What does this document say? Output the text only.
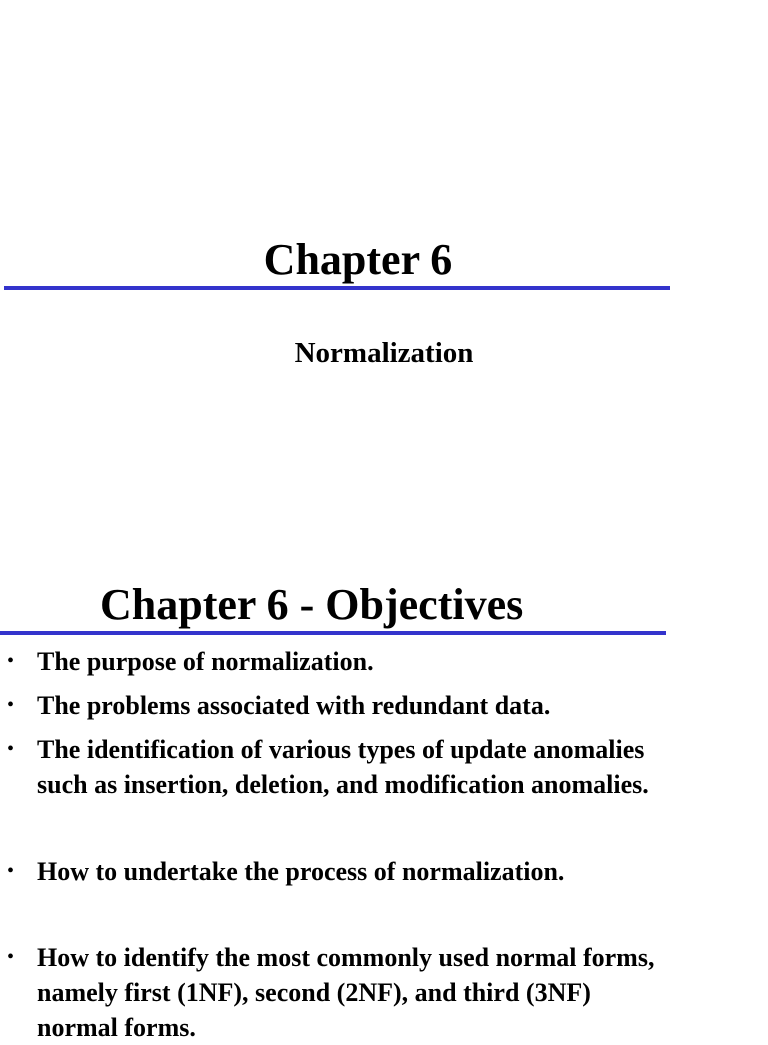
Chapter 6

Normalization

Chapter 6 - Objectives
• The purpose of normalization.
• The problems associated with redundant data.
• The identification of various types of update anomalies
such as insertion, deletion, and modification anomalies.
• How to undertake the process of normalization.
• How to identify the most commonly used normal forms,
namely first (1NF), second (2NF), and third (3NF)
normal forms.
